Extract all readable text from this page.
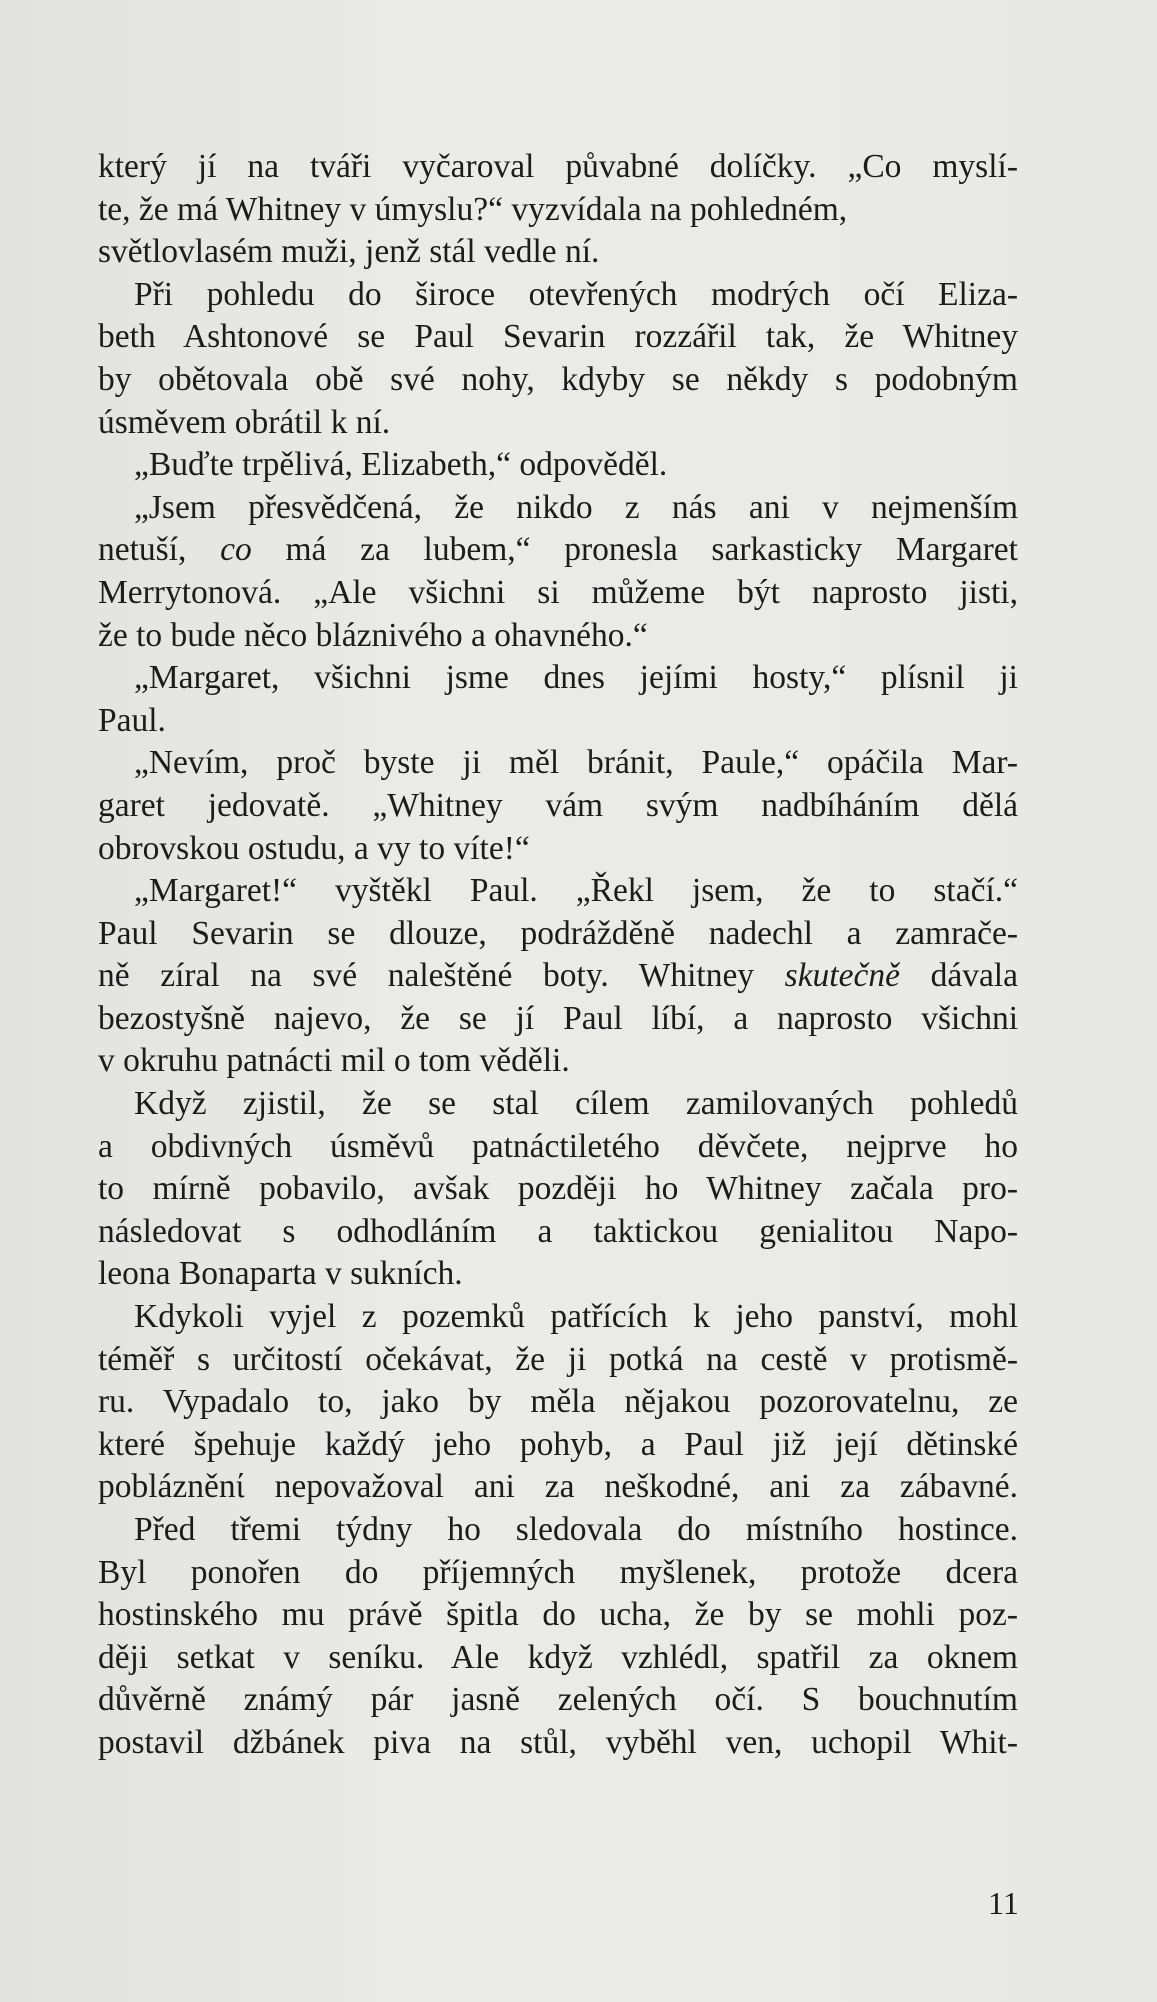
který jí na tváři vyčaroval půvabné dolíčky. „Co myslí-
te, že má Whitney v úmyslu?“ vyzvídala na pohledném,
světlovlasém muži, jenž stál vedle ní.
Při pohledu do široce otevřených modrých očí Eliza-
beth Ashtonové se Paul Sevarin rozzářil tak, že Whitney
by obětovala obě své nohy, kdyby se někdy s podobným
úsměvem obrátil k ní.
„Buďte trpělivá, Elizabeth,“ odpověděl.
„Jsem přesvědčená, že nikdo z nás ani v nejmenším
netuší, co má za lubem,“ pronesla sarkasticky Margaret
Merrytonová. „Ale všichni si můžeme být naprosto jisti,
že to bude něco bláznivého a ohavného.“
„Margaret, všichni jsme dnes jejími hosty,“ plísnil ji
Paul.
„Nevím, proč byste ji měl bránit, Paule,“ opáčila Mar-
garet jedovatě. „Whitney vám svým nadbíháním dělá
obrovskou ostudu, a vy to víte!“
„Margaret!“ vyštěkl Paul. „Řekl jsem, že to stačí.“
Paul Sevarin se dlouze, podrážděně nadechl a zamrače-
ně zíral na své naleštěné boty. Whitney skutečně dávala
bezostyšně najevo, že se jí Paul líbí, a naprosto všichni
v okruhu patnácti mil o tom věděli.
Když zjistil, že se stal cílem zamilovaných pohledů
a obdivných úsměvů patnáctiletého děvčete, nejprve ho
to mírně pobavilo, avšak později ho Whitney začala pro-
následovat s odhodláním a taktickou genialitou Napo-
leona Bonaparta v sukních.
Kdykoli vyjel z pozemků patřících k jeho panství, mohl
téměř s určitostí očekávat, že ji potká na cestě v protismě-
ru. Vypadalo to, jako by měla nějakou pozorovatelnu, ze
které špehuje každý jeho pohyb, a Paul již její dětinské
poblázněnί nepovažoval ani za neškodné, ani za zábavné.
Před třemi týdny ho sledovala do místního hostince.
Byl ponořen do příjemných myšlenek, protože dcera
hostinského mu právě špitla do ucha, že by se mohli poz-
ději setkat v seníku. Ale když vzhlédl, spatřil za oknem
důvěrně známý pár jasně zelených očí. S bouchnutím
postavil džbánek piva na stůl, vyběhl ven, uchopil Whit-
11
